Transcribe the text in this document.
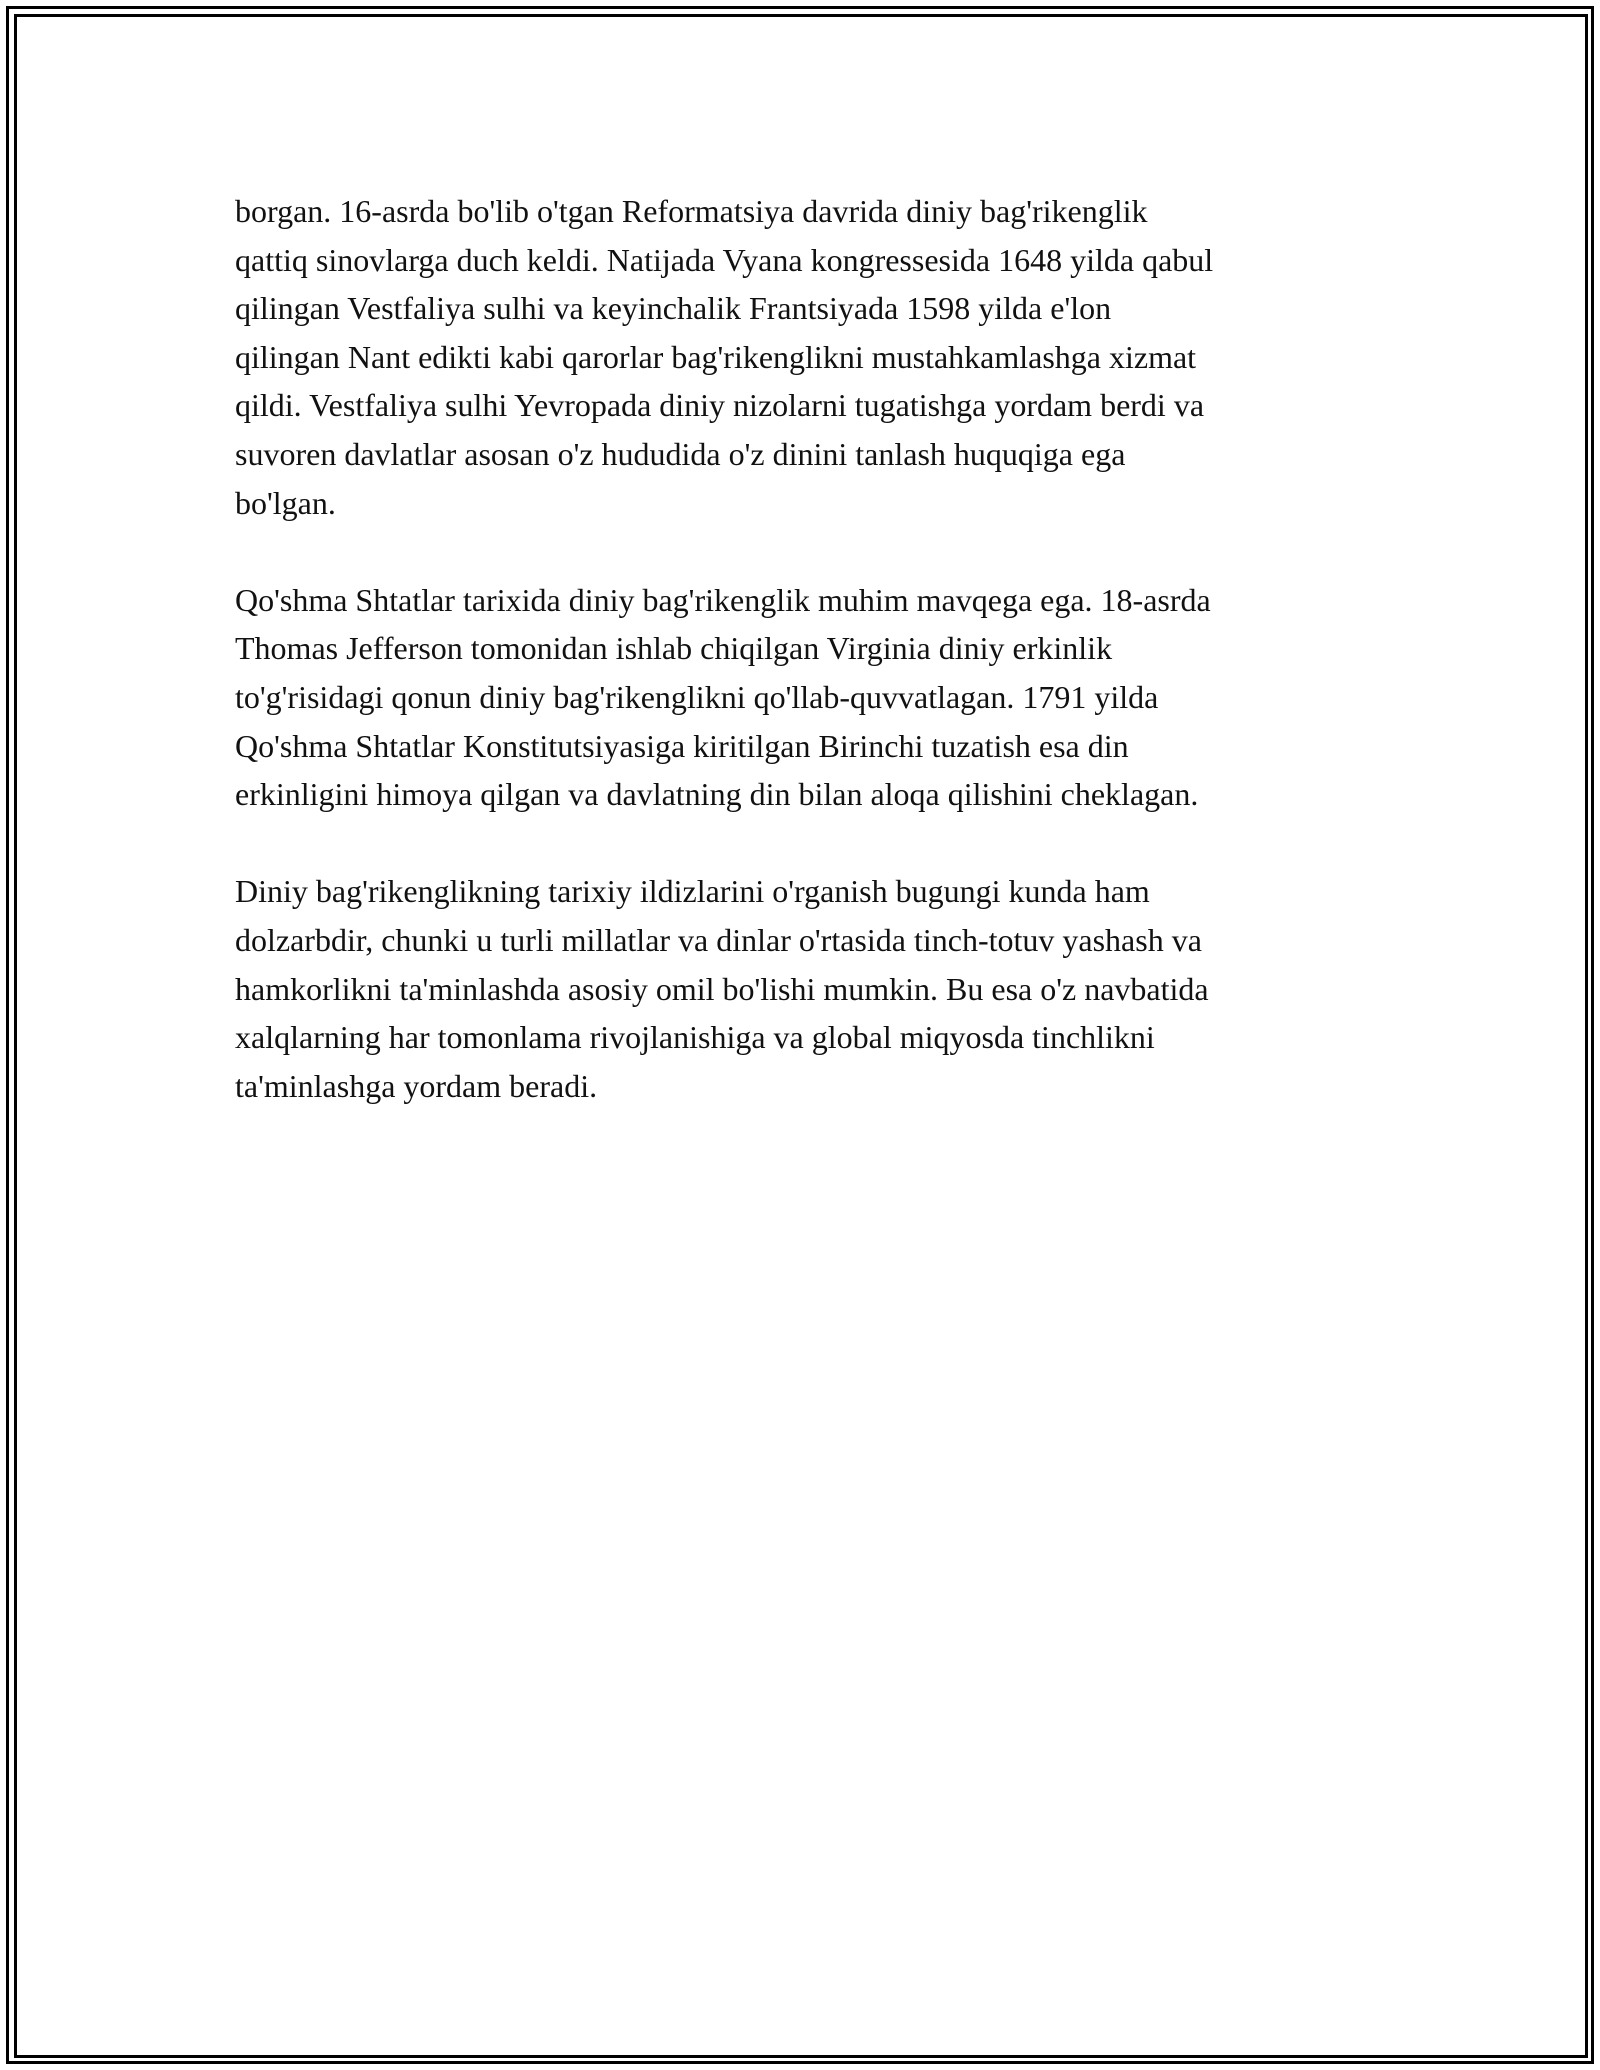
borgan. 16-asrda bo'lib o'tgan Reformatsiya davrida diniy bag'rikenglik
qattiq sinovlarga duch keldi. Natijada Vyana kongressesida 1648 yilda qabul
qilingan Vestfaliya sulhi va keyinchalik Frantsiyada 1598 yilda e'lon
qilingan Nant edikti kabi qarorlar bag'rikenglikni mustahkamlashga xizmat
qildi. Vestfaliya sulhi Yevropada diniy nizolarni tugatishga yordam berdi va
suvoren davlatlar asosan o'z hududida o'z dinini tanlash huquqiga ega
bo'lgan.
Qo'shma Shtatlar tarixida diniy bag'rikenglik muhim mavqega ega. 18-asrda
Thomas Jefferson tomonidan ishlab chiqilgan Virginia diniy erkinlik
to'g'risidagi qonun diniy bag'rikenglikni qo'llab-quvvatlagan. 1791 yilda
Qo'shma Shtatlar Konstitutsiyasiga kiritilgan Birinchi tuzatish esa din
erkinligini himoya qilgan va davlatning din bilan aloqa qilishini cheklagan.
Diniy bag'rikenglikning tarixiy ildizlarini o'rganish bugungi kunda ham
dolzarbdir, chunki u turli millatlar va dinlar o'rtasida tinch-totuv yashash va
hamkorlikni ta'minlashda asosiy omil bo'lishi mumkin. Bu esa o'z navbatida
xalqlarning har tomonlama rivojlanishiga va global miqyosda tinchlikni
ta'minlashga yordam beradi.
